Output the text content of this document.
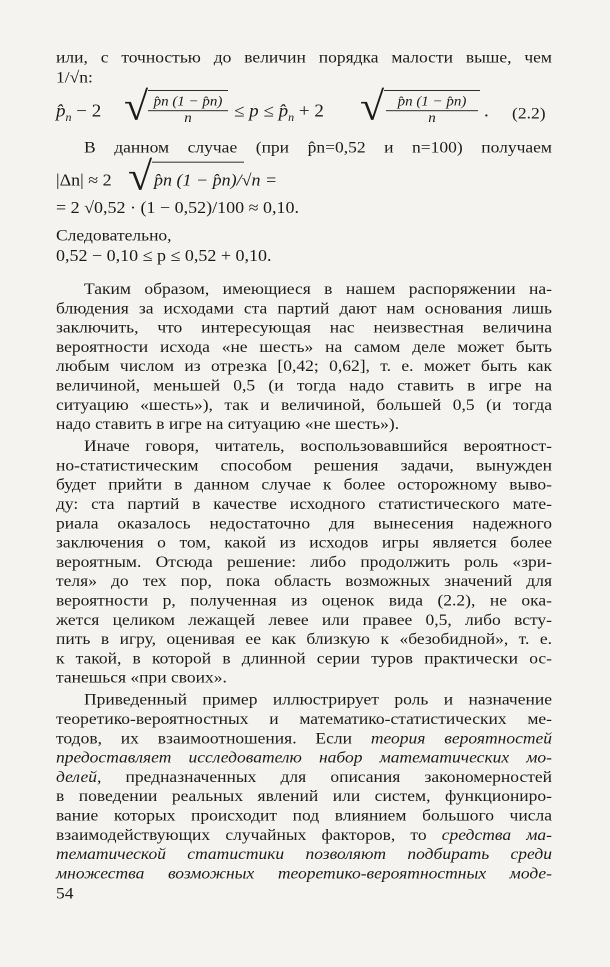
или, с точностью до величин порядка малости выше, чем
1/√n:
$p̂_n - 2$ √ $\frac{p̂n (1 - p̂n)}{n} \le p$ ≤ $p̂_n + 2$ √ $\frac{p̂n (1 - p̂n)}{n}$ . (2.2)
В данном случае (при p̂n=0,52 и n=100) получаем
|Δn| ≈ 2 √ p̂n (1 − p̂n)/√n =
= 2 √0,52 · (1 − 0,52)/100 ≈ 0,10.
Следовательно,
0,52 − 0,10 ≤ p ≤ 0,52 + 0,10.
Таким образом, имеющиеся в нашем распоряжении на-
блюдения за исходами ста партий дают нам основания лишь
заключить, что интересующая нас неизвестная величина
вероятности исхода «не шесть» на самом деле может быть
любым числом из отрезка [0,42; 0,62], т. е. может быть как
величиной, меньшей 0,5 (и тогда надо ставить в игре на
ситуацию «шесть»), так и величиной, большей 0,5 (и тогда
надо ставить в игре на ситуацию «не шесть»).
Иначе говоря, читатель, воспользовавшийся вероятност-
но-статистическим способом решения задачи, вынужден
будет прийти в данном случае к более осторожному выво-
ду: ста партий в качестве исходного статистического мате-
риала оказалось недостаточно для вынесения надежного
заключения о том, какой из исходов игры является более
вероятным. Отсюда решение: либо продолжить роль «зри-
теля» до тех пор, пока область возможных значений для
вероятности p, полученная из оценок вида (2.2), не ока-
жется целиком лежащей левее или правее 0,5, либо всту-
пить в игру, оценивая ее как близкую к «безобидной», т. е.
к такой, в которой в длинной серии туров практически ос-
танешься «при своих».
Приведенный пример иллюстрирует роль и назначение
теоретико-вероятностных и математико-статистических ме-
тодов, их взаимоотношения. Если теория вероятностей
предоставляет исследователю набор математических мо-
делей, предназначенных для описания закономерностей
в поведении реальных явлений или систем, функциониро-
вание которых происходит под влиянием большого числа
взаимодействующих случайных факторов, то средства ма-
тематической статистики позволяют подбирать среди
множества возможных теоретико-вероятностных моде-
54
